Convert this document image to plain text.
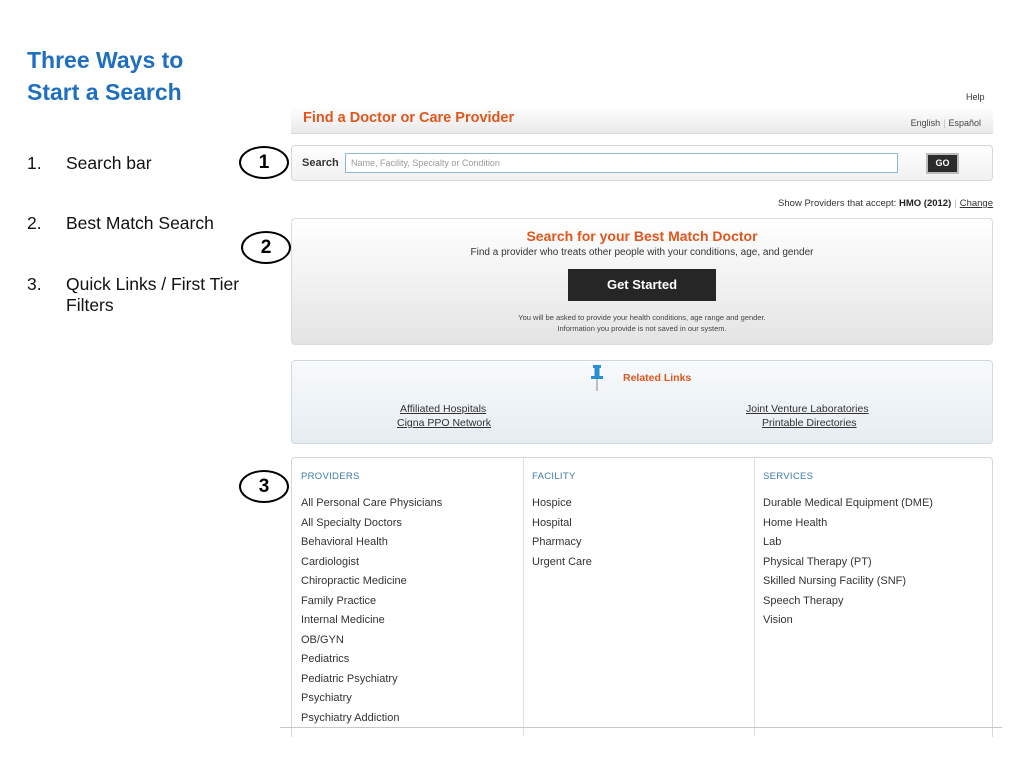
Three Ways to
Start a Search
1. Search bar
2. Best Match Search
3. Quick Links / First Tier
Filters
1
2
3
Help
Find a Doctor or Care Provider	English | Español
Search
Name, Facility, Specialty or Condition	GO
Show Providers that accept: HMO (2012) | Change
Search for your Best Match Doctor
Find a provider who treats other people with your conditions, age, and gender
Get Started
You will be asked to provide your health conditions, age range and gender.
Information you provide is not saved in our system.
Related Links
Affiliated Hospitals
Cigna PPO Network
Joint Venture Laboratories
Printable Directories
PROVIDERS
All Personal Care Physicians
All Specialty Doctors
Behavioral Health
Cardiologist
Chiropractic Medicine
Family Practice
Internal Medicine
OB/GYN
Pediatrics
Pediatric Psychiatry
Psychiatry
Psychiatry Addiction
FACILITY
Hospice
Hospital
Pharmacy
Urgent Care
SERVICES
Durable Medical Equipment (DME)
Home Health
Lab
Physical Therapy (PT)
Skilled Nursing Facility (SNF)
Speech Therapy
Vision
